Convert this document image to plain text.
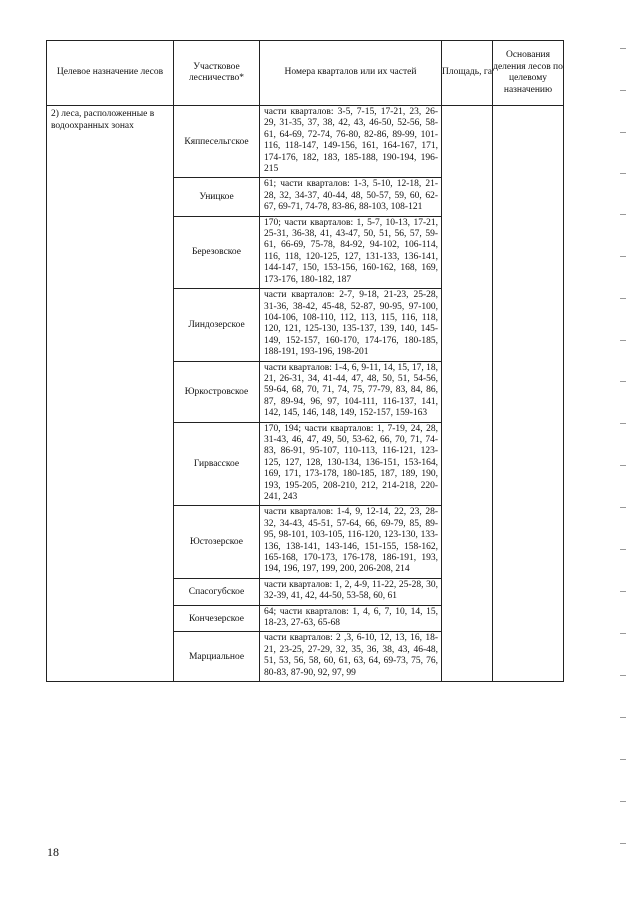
Целевое назначение лесов	Участковое лесничество*	Номера кварталов или их частей	Площадь, га	Основания деления лесов по целевому назначению
2) леса, расположенные в водоохранных зонах	Кяппесельгское	части кварталов: 3-5, 7-15, 17-21, 23, 26-29, 31-35, 37, 38, 42, 43, 46-50, 52-56, 58-61, 64-69, 72-74, 76-80, 82-86, 89-99, 101-116, 118-147, 149-156, 161, 164-167, 171, 174-176, 182, 183, 185-188, 190-194, 196-215		
	Уницкое	61; части кварталов: 1-3, 5-10, 12-18, 21-28, 32, 34-37, 40-44, 48, 50-57, 59, 60, 62-67, 69-71, 74-78, 83-86, 88-103, 108-121		
	Березовское	170; части кварталов: 1, 5-7, 10-13, 17-21, 25-31, 36-38, 41, 43-47, 50, 51, 56, 57, 59-61, 66-69, 75-78, 84-92, 94-102, 106-114, 116, 118, 120-125, 127, 131-133, 136-141, 144-147, 150, 153-156, 160-162, 168, 169, 173-176, 180-182, 187		
	Линдозерское	части кварталов: 2-7, 9-18, 21-23, 25-28, 31-36, 38-42, 45-48, 52-87, 90-95, 97-100, 104-106, 108-110, 112, 113, 115, 116, 118, 120, 121, 125-130, 135-137, 139, 140, 145-149, 152-157, 160-170, 174-176, 180-185, 188-191, 193-196, 198-201		
	Юркостровское	части кварталов: 1-4, 6, 9-11, 14, 15, 17, 18, 21, 26-31, 34, 41-44, 47, 48, 50, 51, 54-56, 59-64, 68, 70, 71, 74, 75, 77-79, 83, 84, 86, 87, 89-94, 96, 97, 104-111, 116-137, 141, 142, 145, 146, 148, 149, 152-157, 159-163		
	Гирвасское	170, 194; части кварталов: 1, 7-19, 24, 28, 31-43, 46, 47, 49, 50, 53-62, 66, 70, 71, 74-83, 86-91, 95-107, 110-113, 116-121, 123-125, 127, 128, 130-134, 136-151, 153-164, 169, 171, 173-178, 180-185, 187, 189, 190, 193, 195-205, 208-210, 212, 214-218, 220-241, 243		
	Юстозерское	части кварталов: 1-4, 9, 12-14, 22, 23, 28-32, 34-43, 45-51, 57-64, 66, 69-79, 85, 89-95, 98-101, 103-105, 116-120, 123-130, 133-136, 138-141, 143-146, 151-155, 158-162, 165-168, 170-173, 176-178, 186-191, 193, 194, 196, 197, 199, 200, 206-208, 214		
	Спасогубское	части кварталов: 1, 2, 4-9, 11-22, 25-28, 30, 32-39, 41, 42, 44-50, 53-58, 60, 61		
	Кончезерское	64; части кварталов: 1, 4, 6, 7, 10, 14, 15, 18-23, 27-63, 65-68		
	Марциальное	части кварталов: 2 ,3, 6-10, 12, 13, 16, 18-21, 23-25, 27-29, 32, 35, 36, 38, 43, 46-48, 51, 53, 56, 58, 60, 61, 63, 64, 69-73, 75, 76, 80-83, 87-90, 92, 97, 99		
18
